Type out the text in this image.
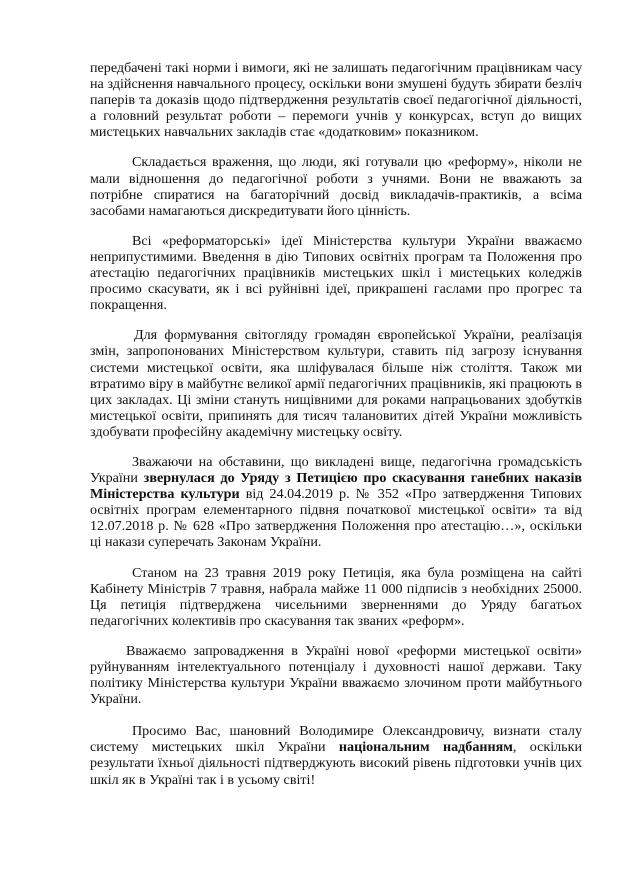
передбачені такі норми і вимоги, які не залишать педагогічним працівникам часу на здійснення навчального процесу, оскільки вони змушені будуть збирати безліч паперів та доказів щодо підтвердження результатів своєї педагогічної діяльності, а головний результат роботи – перемоги учнів у конкурсах, вступ до вищих мистецьких навчальних закладів стає «додатковим» показником.

Складається враження, що люди, які готували цю «реформу», ніколи не мали відношення до педагогічної роботи з учнями. Вони не вважають за потрібне спиратися на багаторічний досвід викладачів-практиків, а всіма засобами намагаються дискредитувати його цінність.

Всі «реформаторські» ідеї Міністерства культури України вважаємо неприпустимими. Введення в дію Типових освітніх програм та Положення про атестацію педагогічних працівників мистецьких шкіл і мистецьких коледжів просимо скасувати, як і всі руйнівні ідеї, прикрашені гаслами про прогрес та покращення.

Для формування світогляду громадян європейської України, реалізація змін, запропонованих Міністерством культури, ставить під загрозу існування системи мистецької освіти, яка шліфувалася більше ніж століття. Також ми втратимо віру в майбутнє великої армії педагогічних працівників, які працюють в цих закладах. Ці зміни стануть нищівними для роками напрацьованих здобутків мистецької освіти, припинять для тисяч талановитих дітей України можливість здобувати професійну академічну мистецьку освіту.

Зважаючи на обставини, що викладені вище, педагогічна громадськість України звернулася до Уряду з Петицією про скасування ганебних наказів Міністерства культури від 24.04.2019 р. № 352 «Про затвердження Типових освітніх програм елементарного підвня початкової мистецької освіти» та від 12.07.2018 р. № 628 «Про затвердження Положення про атестацію…», оскільки ці накази суперечать Законам України.

Станом на 23 травня 2019 року Петиція, яка була розміщена на сайті Кабінету Міністрів 7 травня, набрала майже 11 000 підписів з необхідних 25000. Ця петиція підтверджена чисельними зверненнями до Уряду багатьох педагогічних колективів про скасування так званих «реформ».

Вважаємо запровадження в Україні нової «реформи мистецької освіти» руйнуванням інтелектуального потенціалу і духовності нашої держави. Таку політику Міністерства культури України вважаємо злочином проти майбутнього України.

Просимо Вас, шановний Володимире Олександровичу, визнати сталу систему мистецьких шкіл України національним надбанням, оскільки результати їхньої діяльності підтверджують високий рівень підготовки учнів цих шкіл як в Україні так і в усьому світі!
